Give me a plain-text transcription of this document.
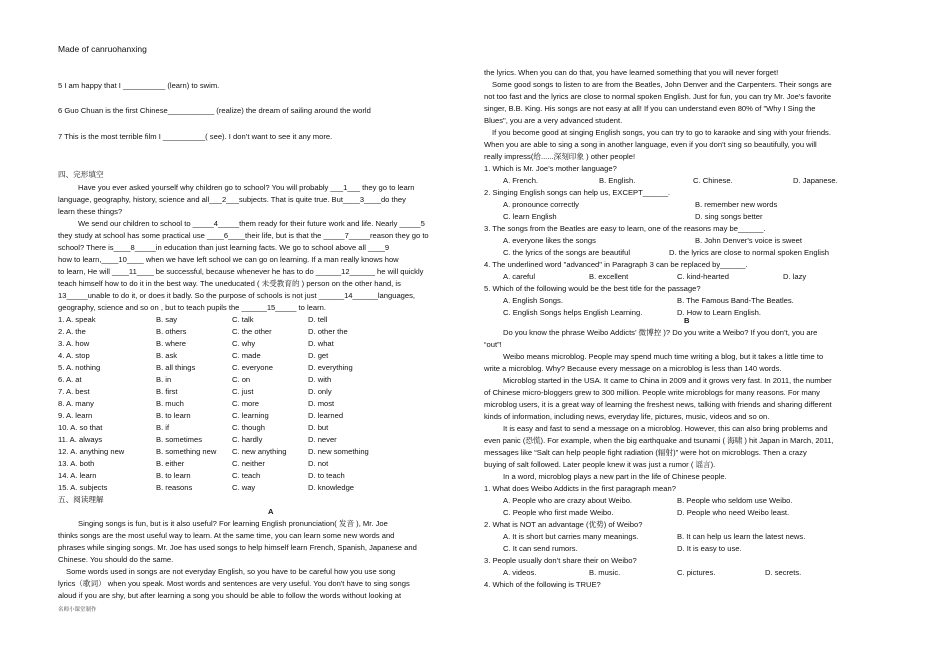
Made of canruohanxing
5 I am happy that I __________ (learn) to swim.
6 Guo Chuan is the first Chinese___________ (realize) the dream of sailing around the world
7 This is the most terrible film I __________( see). I don’t want to see it any more.
四、完形填空
Have you ever asked yourself why children go to school? You will probably ___1___ they go to learn
language, geography, history, science and all___2___subjects. That is quite true. But____3____do they
learn these things?
We send our children to school to _____4_____them ready for their future work and life. Nearly _____5
they study at school has some practical use ____6____their life, but is that the _____7_____reason they go to
school? There is____8_____in education than just learning facts. We go to school above all ____9
how to learn,____10____ when we have left school we can go on learning. If a man really knows how
to learn, He will ____11____ be successful, because whenever he has to do ______12______ he will quickly
teach himself how to do it in the best way. The uneducated ( 未受教育的 ) person on the other hand, is
13_____unable to do it, or does it badly. So the purpose of schools is not just ______14______languages,
geography, science and so on , but to teach pupils the ______15_____ to learn.
1. A. speak	B. say	C. talk	D. tell
2. A. the	B. others	C. the other	D. other the
3. A. how	B. where	C. why	D. what
4. A. stop	B. ask	C. made	D. get
5. A. nothing	B. all things	C. everyone	D. everything
6. A. at	B. in	C. on	D. with
7. A. best	B. first	C. just	D. only
8. A. many	B. much	C. more	D. most
9. A. learn	B. to learn	C. learning	D. learned
10. A. so that	B. if	C. though	D. but
11. A. always	B. sometimes	C. hardly	D. never
12. A. anything new	B. something new C. new anything	D. new something
13. A. both	B. either	C. neither	D. not
14. A. learn	B. to learn	C. teach	D. to teach
15. A. subjects	B. reasons	C. way	D. knowledge
五、阅读理解
A
Singing songs is fun, but is it also useful? For learning English pronunciation( 发音 ), Mr. Joe
thinks songs are the most useful way to learn. At the same time, you can learn some new words and
phrases while singing songs. Mr. Joe has used songs to help himself learn French, Spanish, Japanese and
Chinese. You should do the same.
Some words used in songs are not everyday English, so you have to be careful how you use song
lyrics（歌词） when you speak. Most words and sentences are very useful. You don't have to sing songs
aloud if you are shy, but after learning a song you should be able to follow the words without looking at
名师小课堂制作
the lyrics. When you can do that, you have learned something that you will never forget!
Some good songs to listen to are from the Beatles, John Denver and the Carpenters. Their songs are
not too fast and the lyrics are close to normal spoken English. Just for fun, you can try Mr. Joe's favorite
singer, B.B. King. His songs are not easy at all! If you can understand even 80% of "Why I Sing the
Blues", you are a very advanced student.
If you become good at singing English songs, you can try to go to karaoke and sing with your friends.
When you are able to sing a song in another language, even if you don't sing so beautifully, you will
really impress(给......深刻印象 ) other people!
1. Which is Mr. Joe’s mother language?
A. French.	B. English.	C. Chinese.	D. Japanese.
2. Singing English songs can help us, EXCEPT______.
A. pronounce correctly	B. remember new words
C. learn English	D. sing songs better
3. The songs from the Beatles are easy to learn, one of the reasons may be______.
A. everyone likes the songs	B. John Denver's voice is sweet
C. the lyrics of the songs are beautiful	D. the lyrics are close to normal spoken English
4. The underlined word "advanced" in Paragraph 3 can be replaced by______.
A. careful	B. excellent	C. kind-hearted	D. lazy
5. Which of the following would be the best title for the passage?
A. English Songs.	B. The Famous Band-The Beatles.
C. English Songs helps English Learning.	D. How to Learn English.
B
Do you know the phrase Weibo Addicts’ 微博控 )? Do you write a Weibo? If you don’t, you are
“out”!
Weibo means microblog. People may spend much time writing a blog, but it takes a little time to
write a microblog. Why? Because every message on a microblog is less than 140 words.
Microblog started in the USA. It came to China in 2009 and it grows very fast. In 2011, the number
of Chinese micro-bloggers grew to 300 million. People write microblogs for many reasons. For many
microblog users, it is a great way of learning the freshest news, talking with friends and sharing different
kinds of information, including news, everyday life, pictures, music, videos and so on.
It is easy and fast to send a message on a microblog. However, this can also bring problems and
even panic (恐慌). For example, when the big earthquake and tsunami ( 海啸 ) hit Japan in March, 2011,
messages like “Salt can help people fight radiation (辐射)” were hot on microblogs. Then a crazy
buying of salt followed. Later people knew it was just a rumor ( 谣言).
In a word, microblog plays a new part in the life of Chinese people.
1. What does Weibo Addicts in the first paragraph mean?
A. People who are crazy about Weibo.	B. People who seldom use Weibo.
C. People who first made Weibo.	D. People who need Weibo least.
2. What is NOT an advantage (优势) of Weibo?
A. It is short but carries many meanings.	B. It can help us learn the latest news.
C. It can send rumors.	D. It is easy to use.
3. People usually don’t share their on Weibo?
A. videos.	B. music.	C. pictures.	D. secrets.
4. Which of the following is TRUE?
